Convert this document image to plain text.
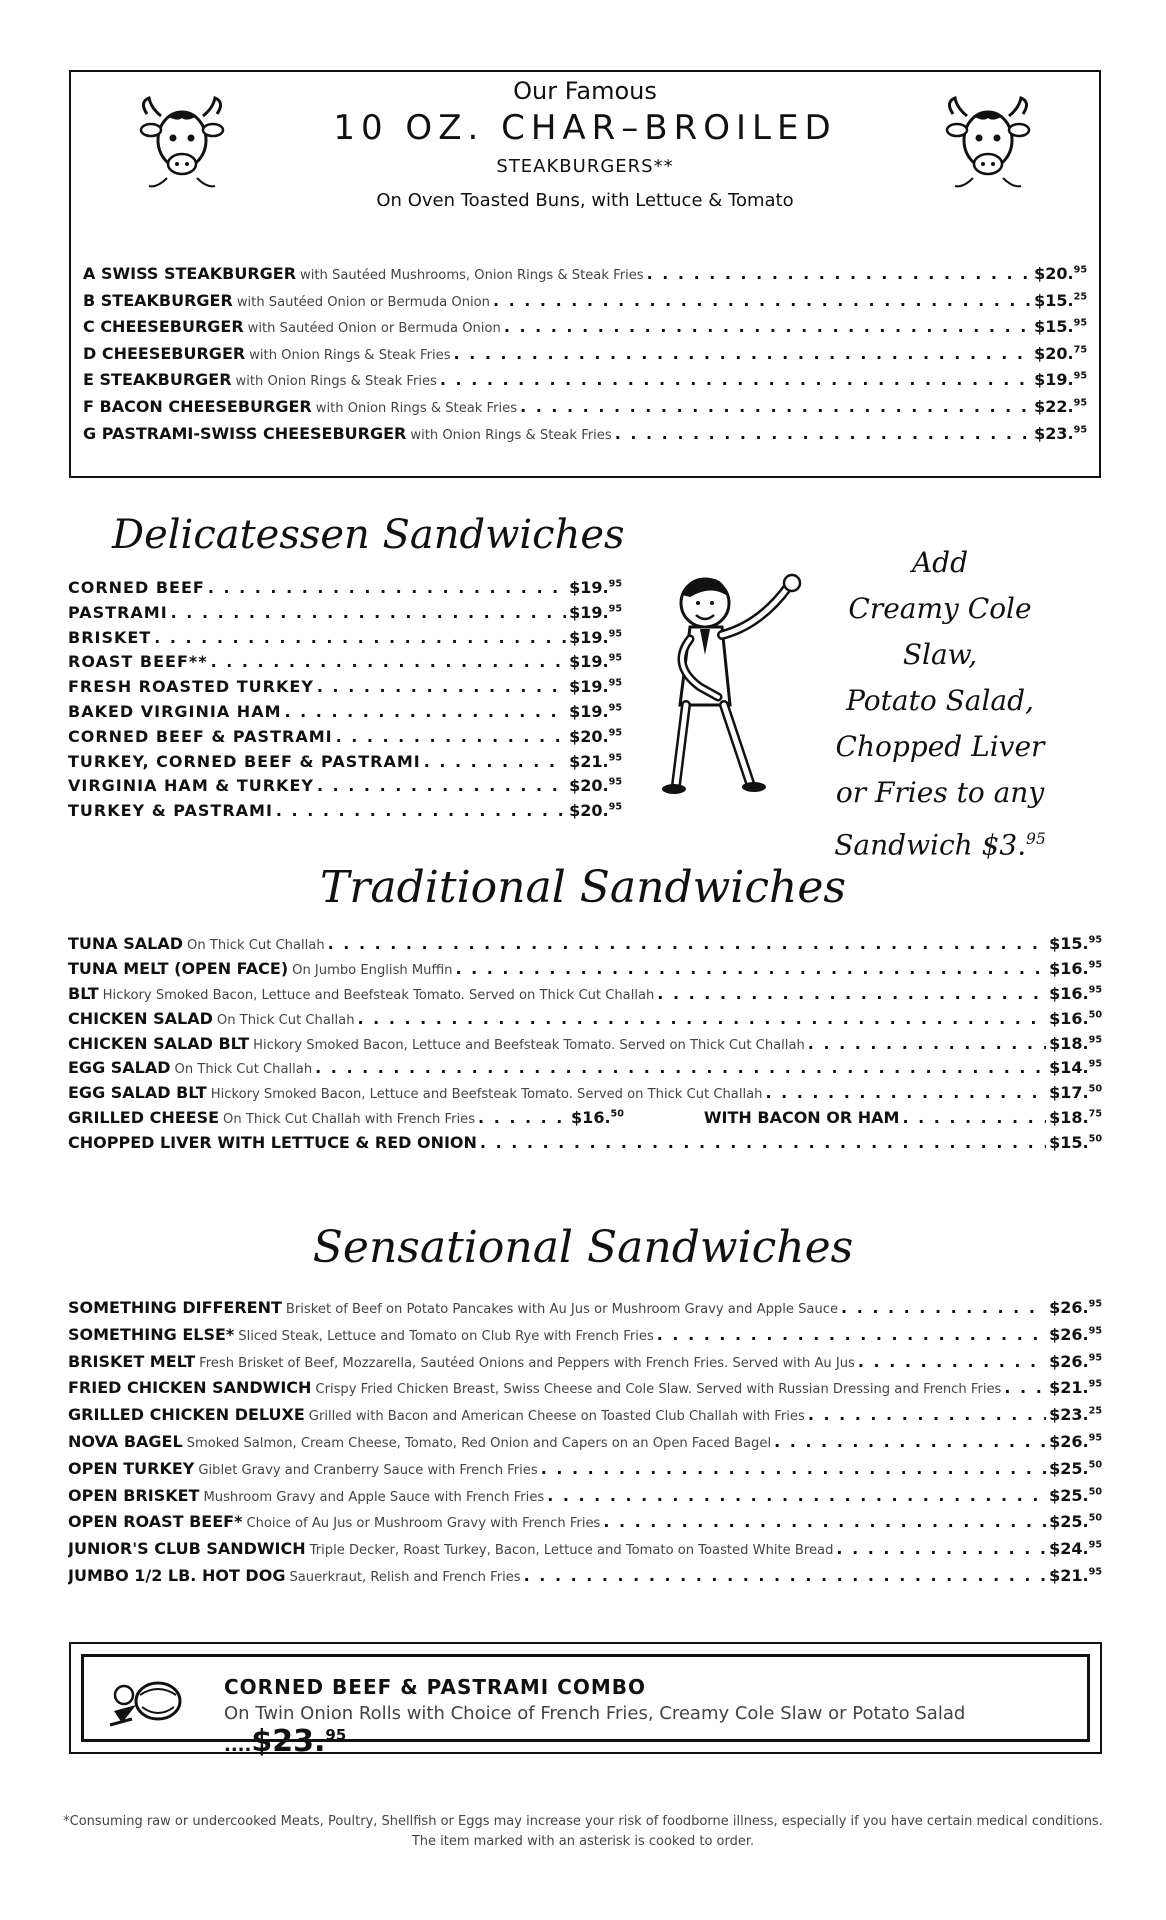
Our Famous
10 OZ. CHAR–BROILED
STEAKBURGERS**
On Oven Toasted Buns, with Lettuce & Tomato
A SWISS STEAKBURGER with Sautéed Mushrooms, Onion Rings & Steak Fries . . .	$20.95
B STEAKBURGER with Sautéed Onion or Bermuda Onion . . .	$15.25
C CHEESEBURGER with Sautéed Onion or Bermuda Onion . . .	$15.95
D CHEESEBURGER with Onion Rings & Steak Fries . . .	$20.75
E STEAKBURGER with Onion Rings & Steak Fries . . .	$19.95
F BACON CHEESEBURGER with Onion Rings & Steak Fries . . .	$22.95
G PASTRAMI-SWISS CHEESEBURGER with Onion Rings & Steak Fries . . .	$23.95
Delicatessen Sandwiches
CORNED BEEF . . .	$19.95
PASTRAMI . . .	$19.95
BRISKET . . .	$19.95
ROAST BEEF** . . .	$19.95
FRESH ROASTED TURKEY . . .	$19.95
BAKED VIRGINIA HAM . . .	$19.95
CORNED BEEF & PASTRAMI . . .	$20.95
TURKEY, CORNED BEEF & PASTRAMI . . .	$21.95
VIRGINIA HAM & TURKEY . . .	$20.95
TURKEY & PASTRAMI . . .	$20.95
Add
Creamy Cole Slaw,
Potato Salad,
Chopped Liver
or Fries to any
Sandwich $3.95
Traditional Sandwiches
TUNA SALAD On Thick Cut Challah . . .	$15.95
TUNA MELT (OPEN FACE) On Jumbo English Muffin . . .	$16.95
BLT Hickory Smoked Bacon, Lettuce and Beefsteak Tomato. Served on Thick Cut Challah . . .	$16.95
CHICKEN SALAD On Thick Cut Challah . . .	$16.50
CHICKEN SALAD BLT Hickory Smoked Bacon, Lettuce and Beefsteak Tomato. Served on Thick Cut Challah . . .	$18.95
EGG SALAD On Thick Cut Challah . . .	$14.95
EGG SALAD BLT Hickory Smoked Bacon, Lettuce and Beefsteak Tomato. Served on Thick Cut Challah . . .	$17.50
GRILLED CHEESE On Thick Cut Challah with French Fries . . .	$16.50	WITH BACON OR HAM . . .	$18.75
CHOPPED LIVER WITH LETTUCE & RED ONION . . .	$15.50
Sensational Sandwiches
SOMETHING DIFFERENT Brisket of Beef on Potato Pancakes with Au Jus or Mushroom Gravy and Apple Sauce . . .	$26.95
SOMETHING ELSE* Sliced Steak, Lettuce and Tomato on Club Rye with French Fries . . .	$26.95
BRISKET MELT Fresh Brisket of Beef, Mozzarella, Sautéed Onions and Peppers with French Fries. Served with Au Jus . . .	$26.95
FRIED CHICKEN SANDWICH Crispy Fried Chicken Breast, Swiss Cheese and Cole Slaw. Served with Russian Dressing and French Fries . . .	$21.95
GRILLED CHICKEN DELUXE Grilled with Bacon and American Cheese on Toasted Club Challah with Fries . . .	$23.25
NOVA BAGEL Smoked Salmon, Cream Cheese, Tomato, Red Onion and Capers on an Open Faced Bagel . . .	$26.95
OPEN TURKEY Giblet Gravy and Cranberry Sauce with French Fries . . .	$25.50
OPEN BRISKET Mushroom Gravy and Apple Sauce with French Fries . . .	$25.50
OPEN ROAST BEEF* Choice of Au Jus or Mushroom Gravy with French Fries . . .	$25.50
JUNIOR'S CLUB SANDWICH Triple Decker, Roast Turkey, Bacon, Lettuce and Tomato on Toasted White Bread . . .	$24.95
JUMBO 1/2 LB. HOT DOG Sauerkraut, Relish and French Fries . . .	$21.95
CORNED BEEF & PASTRAMI COMBO
On Twin Onion Rolls with Choice of French Fries, Creamy Cole Slaw or Potato Salad ....$23.95
*Consuming raw or undercooked Meats, Poultry, Shellfish or Eggs may increase your risk of foodborne illness, especially if you have certain medical conditions.
The item marked with an asterisk is cooked to order.
